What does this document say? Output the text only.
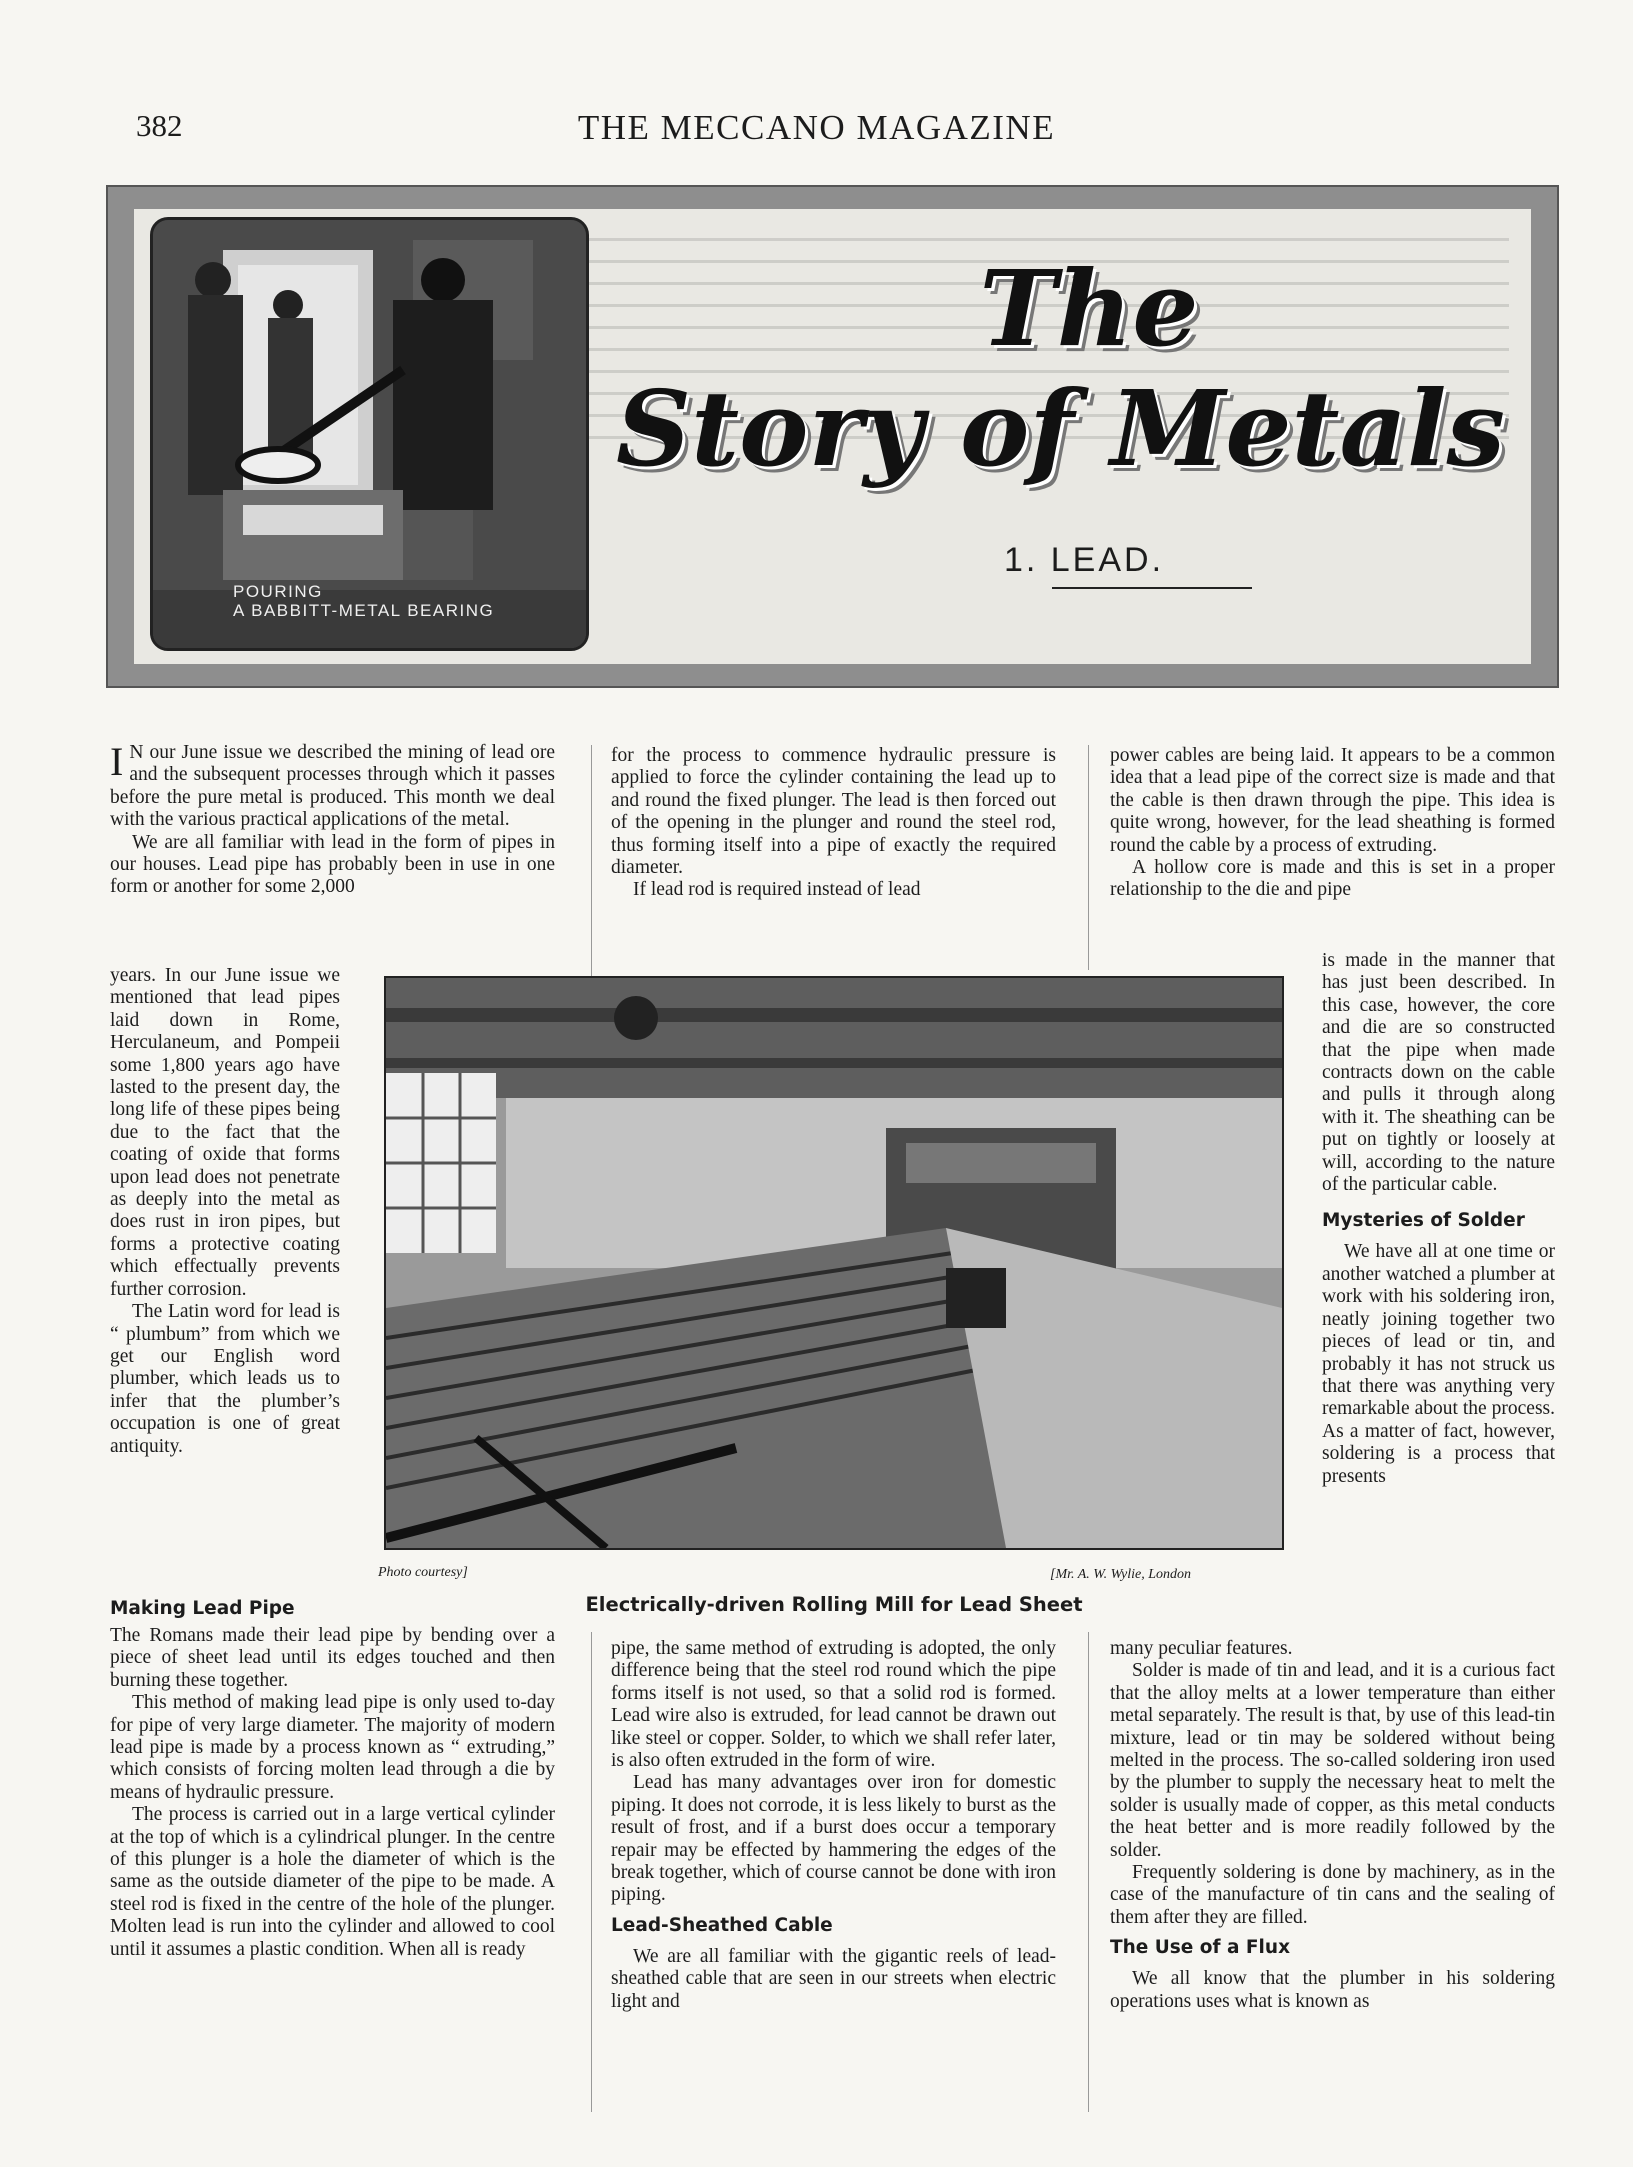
382	THE MECCANO MAGAZINE
POURING
A BABBITT-METAL BEARING
The
Story of Metals
1. LEAD.

I N our June issue we described the mining of lead ore and the subsequent processes through which it passes before the pure metal is produced. This month we deal with the various practical applications of the metal.

We are all familiar with lead in the form of pipes in our houses. Lead pipe has probably been in use in one form or another for some 2,000

years. In our June issue we mentioned that lead pipes laid down in Rome, Herculaneum, and Pompeii some 1,800 years ago have lasted to the present day, the long life of these pipes being due to the fact that the coating of oxide that forms upon lead does not penetrate as deeply into the metal as does rust in iron pipes, but forms a protective coating which effectually prevents further corrosion.

The Latin word for lead is “ plumbum” from which we get our English word plumber, which leads us to infer that the plumber’s occupation is one of great antiquity.

Photo courtesy]	[Mr. A. W. Wylie, London
Electrically-driven Rolling Mill for Lead Sheet
Making Lead Pipe

The Romans made their lead pipe by bending over a piece of sheet lead until its edges touched and then burning these together.

This method of making lead pipe is only used to-day for pipe of very large diameter. The majority of modern lead pipe is made by a process known as “ extruding,” which consists of forcing molten lead through a die by means of hydraulic pressure.

The process is carried out in a large vertical cylinder at the top of which is a cylindrical plunger. In the centre of this plunger is a hole the diameter of which is the same as the outside diameter of the pipe to be made. A steel rod is fixed in the centre of the hole of the plunger. Molten lead is run into the cylinder and allowed to cool until it assumes a plastic condition. When all is ready

for the process to commence hydraulic pressure is applied to force the cylinder containing the lead up to and round the fixed plunger. The lead is then forced out of the opening in the plunger and round the steel rod, thus forming itself into a pipe of exactly the required diameter.

If lead rod is required instead of lead

pipe, the same method of extruding is adopted, the only difference being that the steel rod round which the pipe forms itself is not used, so that a solid rod is formed. Lead wire also is extruded, for lead cannot be drawn out like steel or copper. Solder, to which we shall refer later, is also often extruded in the form of wire.

Lead has many advantages over iron for domestic piping. It does not corrode, it is less likely to burst as the result of frost, and if a burst does occur a temporary repair may be effected by hammering the edges of the break together, which of course cannot be done with iron piping.

Lead-Sheathed Cable

We are all familiar with the gigantic reels of lead-sheathed cable that are seen in our streets when electric light and

power cables are being laid. It appears to be a common idea that a lead pipe of the correct size is made and that the cable is then drawn through the pipe. This idea is quite wrong, however, for the lead sheathing is formed round the cable by a process of extruding.

A hollow core is made and this is set in a proper relationship to the die and pipe

is made in the manner that has just been described. In this case, however, the core and die are so constructed that the pipe when made contracts down on the cable and pulls it through along with it. The sheathing can be put on tightly or loosely at will, according to the nature of the particular cable.

Mysteries of Solder

We have all at one time or another watched a plumber at work with his soldering iron, neatly joining together two pieces of lead or tin, and probably it has not struck us that there was anything very remarkable about the process. As a matter of fact, however, soldering is a process that presents

many peculiar features.

Solder is made of tin and lead, and it is a curious fact that the alloy melts at a lower temperature than either metal separately. The result is that, by use of this lead-tin mixture, lead or tin may be soldered without being melted in the process. The so-called soldering iron used by the plumber to supply the necessary heat to melt the solder is usually made of copper, as this metal conducts the heat better and is more readily followed by the solder.

Frequently soldering is done by machinery, as in the case of the manufacture of tin cans and the sealing of them after they are filled.

The Use of a Flux

We all know that the plumber in his soldering operations uses what is known as
